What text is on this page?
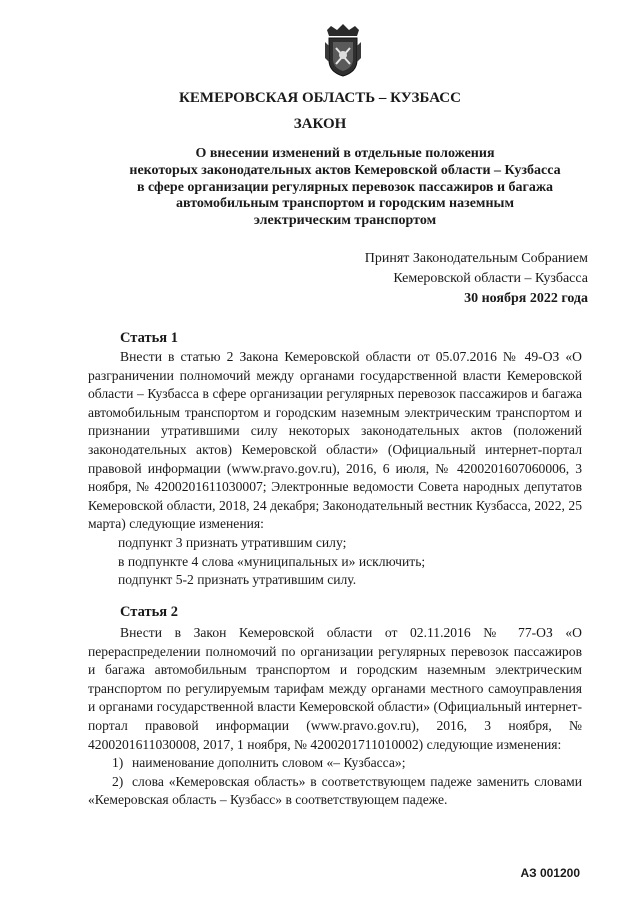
КЕМЕРОВСКАЯ ОБЛАСТЬ – КУЗБАСС
ЗАКОН
О внесении изменений в отдельные положения
некоторых законодательных актов Кемеровской области – Кузбасса
в сфере организации регулярных перевозок пассажиров и багажа
автомобильным транспортом и городским наземным
электрическим транспортом
Принят Законодательным Собранием
Кемеровской области – Кузбасса
30 ноября 2022 года
Статья 1

Внести в статью 2 Закона Кемеровской области от 05.07.2016 № 49-ОЗ «О разграничении полномочий между органами государственной власти Кемеровской области – Кузбасса в сфере организации регулярных перевозок пассажиров и багажа автомобильным транспортом и городским наземным электрическим транспортом и признании утратившими силу некоторых законодательных актов (положений законодательных актов) Кемеровской области» (Официальный интернет-портал правовой информации (www.pravo.gov.ru), 2016, 6 июля, № 4200201607060006, 3 ноября, № 4200201611030007; Электронные ведомости Совета народных депутатов Кемеровской области, 2018, 24 декабря; Законодательный вестник Кузбасса, 2022, 25 марта) следующие изменения:

подпункт 3 признать утратившим силу;

в подпункте 4 слова «муниципальных и» исключить;

подпункт 5-2 признать утратившим силу.

Статья 2

Внести в Закон Кемеровской области от 02.11.2016 № 77-ОЗ «О перераспределении полномочий по организации регулярных перевозок пассажиров и багажа автомобильным транспортом и городским наземным электрическим транспортом по регулируемым тарифам между органами местного самоуправления и органами государственной власти Кемеровской области» (Официальный интернет-портал правовой информации (www.pravo.gov.ru), 2016, 3 ноября, № 4200201611030008, 2017, 1 ноября, № 4200201711010002) следующие изменения:

1) наименование дополнить словом «– Кузбасса»;

2) слова «Кемеровская область» в соответствующем падеже заменить словами «Кемеровская область – Кузбасс» в соответствующем падеже.

АЗ 001200
